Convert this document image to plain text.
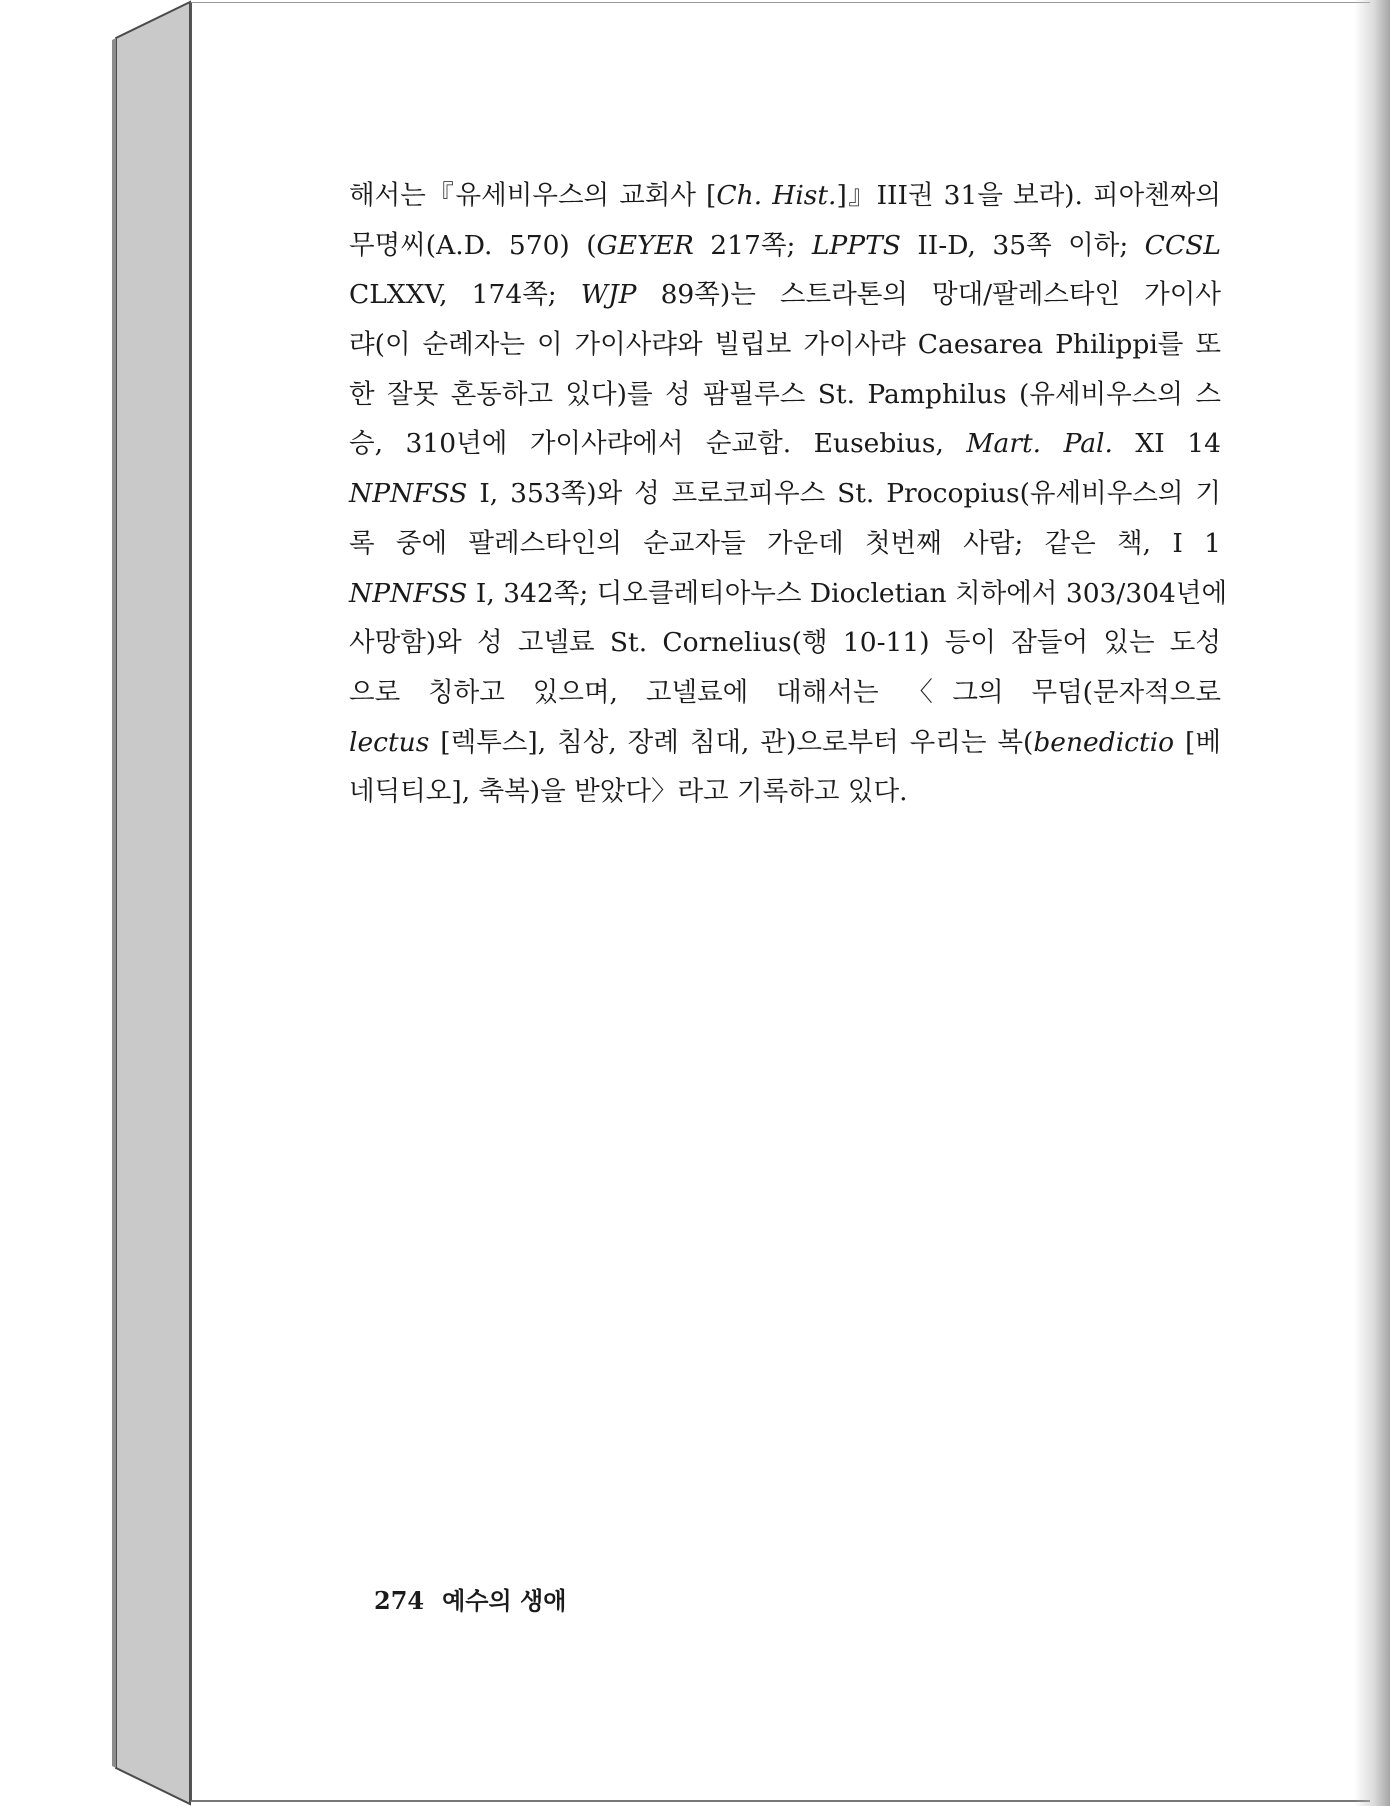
해서는『유세비우스의 교회사 [Ch. Hist.]』III권 31을 보라). 피아첸짜의
무명씨(A.D. 570) (GEYER 217쪽; LPPTS II-D, 35쪽 이하; CCSL
CLXXV, 174쪽; WJP 89쪽)는 스트라톤의 망대/팔레스타인 가이사
랴(이 순례자는 이 가이사랴와 빌립보 가이사랴 Caesarea Philippi를 또
한 잘못 혼동하고 있다)를 성 팜필루스 St. Pamphilus (유세비우스의 스
승, 310년에 가이사랴에서 순교함. Eusebius, Mart. Pal. XI 14
NPNFSS I, 353쪽)와 성 프로코피우스 St. Procopius(유세비우스의 기
록 중에 팔레스타인의 순교자들 가운데 첫번째 사람; 같은 책, I 1
NPNFSS I, 342쪽; 디오클레티아누스 Diocletian 치하에서 303/304년에
사망함)와 성 고넬료 St. Cornelius(행 10-11) 등이 잠들어 있는 도성
으로 칭하고 있으며, 고넬료에 대해서는 〈그의 무덤(문자적으로
lectus [렉투스], 침상, 장례 침대, 관)으로부터 우리는 복(benedictio [베
네딕티오], 축복)을 받았다〉라고 기록하고 있다.
274 예수의 생애
